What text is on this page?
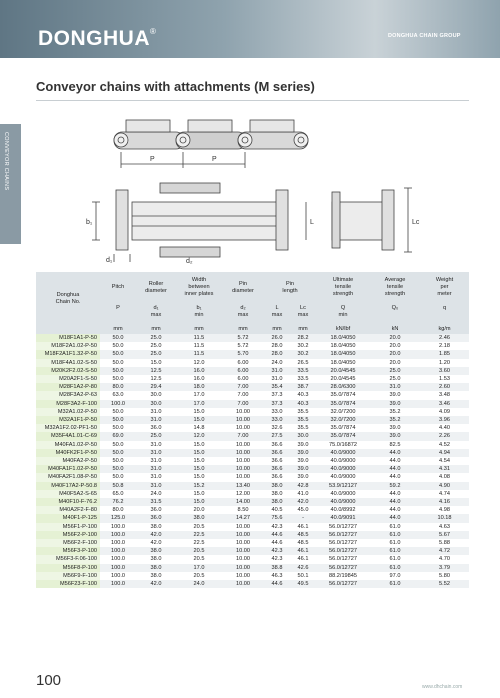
DONGHUA®	DONGHUA CHAIN GROUP
CONVEYOR CHAINS
Conveyor chains with attachments (M series)
P	P
b₁	L	Lc
d₁	d₂
Donghua
Chain No.	Pitch	Roller
diameter	Width
between
inner plates	Pin
diameter	Pin
length		Ultimate
tensile
strength	Average
tensile
strength	Weight
per
meter
	P	d₁
max	b₁
min	d₂
max	L
max	Lc
max	Q
min	Q₀	q
	mm	mm	mm	mm	mm	mm	kN/lbf	kN	kg/m
M18F1A1-P-50	50.0	25.0	11.5	5.72	26.0	28.2	18.0/4050	20.0	2.46
M18F2A1.02-P-50	50.0	25.0	11.5	5.72	28.0	30.2	18.0/4050	20.0	2.18
M18F2A1F1.32-P-50	50.0	25.0	11.5	5.70	28.0	30.2	18.0/4050	20.0	1.85
M18F4A1.02-S-50	50.0	15.0	12.0	6.00	24.0	26.5	18.0/4050	20.0	1.20
M20K2F2.02-S-50	50.0	12.5	16.0	6.00	31.0	33.5	20.0/4545	25.0	3.60
M20A2F1-S-50	50.0	12.5	16.0	6.00	31.0	33.5	20.0/4545	25.0	1.53
M28F1A2-P-80	80.0	29.4	18.0	7.00	35.4	38.7	28.0/6300	31.0	2.60
M28F3A2-P-63	63.0	30.0	17.0	7.00	37.3	40.3	35.0/7874	39.0	3.48
M28F3A2-F-100	100.0	30.0	17.0	7.00	37.3	40.3	35.0/7874	39.0	3.46
M32A1.02-P-50	50.0	31.0	15.0	10.00	33.0	35.5	32.0/7200	35.2	4.09
M32A1F1-P-50	50.0	31.0	15.0	10.00	33.0	35.5	32.0/7200	35.2	3.96
M32A1F2.02-PF1-50	50.0	36.0	14.8	10.00	32.6	35.5	35.0/7874	39.0	4.40
M35F4A1.01-C-69	69.0	25.0	12.0	7.00	27.5	30.0	35.0/7874	39.0	2.26
M40FA1.02-P-50	50.0	31.0	15.0	10.00	36.6	39.0	75.0/16872	82.5	4.52
M40FK2F1-P-50	50.0	31.0	15.0	10.00	36.6	39.0	40.0/9000	44.0	4.94
M40FA2-P-50	50.0	31.0	15.0	10.00	36.6	39.0	40.0/9000	44.0	4.54
M40FA1F1.02-P-50	50.0	31.0	15.0	10.00	36.6	39.0	40.0/9000	44.0	4.31
M40FA2F1.08-P-50	50.0	31.0	15.0	10.00	36.6	39.0	40.0/9000	44.0	4.08
M40F17A2-P-50.8	50.8	31.0	15.2	13.40	38.0	42.8	53.9/12127	59.2	4.90
M40F5A2-S-65	65.0	24.0	15.0	12.00	38.0	41.0	40.0/9000	44.0	4.74
M40F10-F-76.2	76.2	31.5	15.0	14.00	38.0	42.0	40.0/9000	44.0	4.16
M40A2F2-F-80	80.0	36.0	20.0	8.50	40.5	45.0	40.0/8992	44.0	4.98
M40F1-P-125	125.0	36.0	38.0	14.27	75.6	-	40.0/9091	44.0	10.18
M56F1-P-100	100.0	38.0	20.5	10.00	42.3	46.1	56.0/12727	61.0	4.63
M56F2-P-100	100.0	42.0	22.5	10.00	44.6	48.5	56.0/12727	61.0	5.67
M56F2-F-100	100.0	42.0	22.5	10.00	44.6	48.5	56.0/12727	61.0	5.88
M56F3-P-100	100.0	38.0	20.5	10.00	42.3	46.1	56.0/12727	61.0	4.72
M56F3-F.06-100	100.0	38.0	20.5	10.00	42.3	46.1	56.0/12727	61.0	4.70
M56F8-P-100	100.0	38.0	17.0	10.00	38.8	42.6	56.0/12727	61.0	3.79
M56F9-F-100	100.0	38.0	20.5	10.00	46.3	50.1	88.2/19845	97.0	5.80
M56F23-F-100	100.0	42.0	24.0	10.00	44.6	49.5	56.0/12727	61.0	5.52
100	www.dhchain.com
